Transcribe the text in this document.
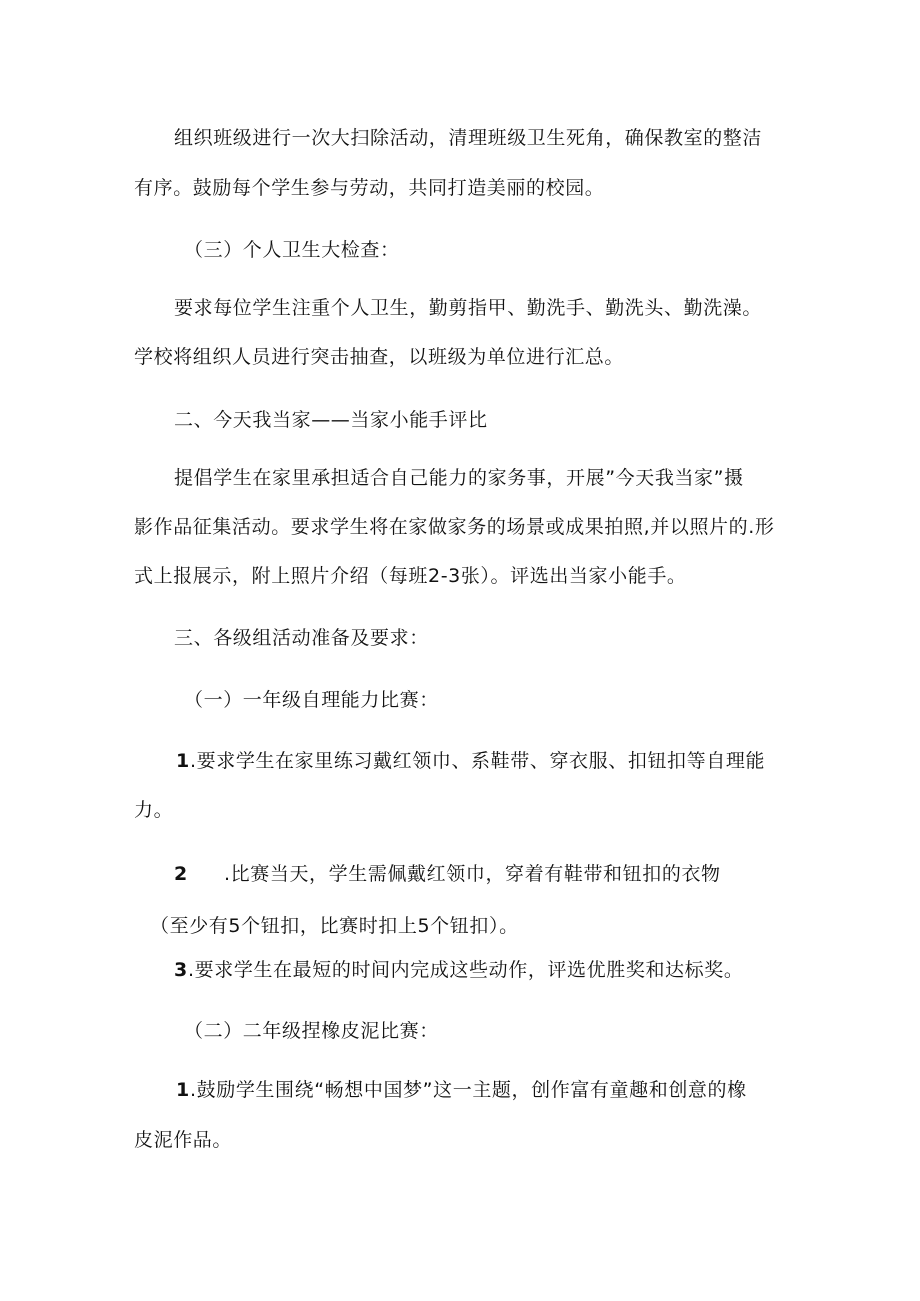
组织班级进行一次大扫除活动，清理班级卫生死角，确保教室的整洁

有序。鼓励每个学生参与劳动，共同打造美丽的校园。

（三）个人卫生大检查：

要求每位学生注重个人卫生，勤剪指甲、勤洗手、勤洗头、勤洗澡。

学校将组织人员进行突击抽查，以班级为单位进行汇总。

二、今天我当家——当家小能手评比

提倡学生在家里承担适合自己能力的家务事，开展”今天我当家”摄

影作品征集活动。要求学生将在家做家务的场景或成果拍照,并以照片的.形

式上报展示，附上照片介绍（每班2-3张）。评选出当家小能手。

三、各级组活动准备及要求：

（一）一年级自理能力比赛：

1 .要求学生在家里练习戴红领巾、系鞋带、穿衣服、扣钮扣等自理能

力。

2 .比赛当天，学生需佩戴红领巾，穿着有鞋带和钮扣的衣物

（至少有5个钮扣，比赛时扣上5个钮扣）。

3 .要求学生在最短的时间内完成这些动作，评选优胜奖和达标奖。

（二）二年级捏橡皮泥比赛：

1 .鼓励学生围绕“畅想中国梦”这一主题，创作富有童趣和创意的橡

皮泥作品。
